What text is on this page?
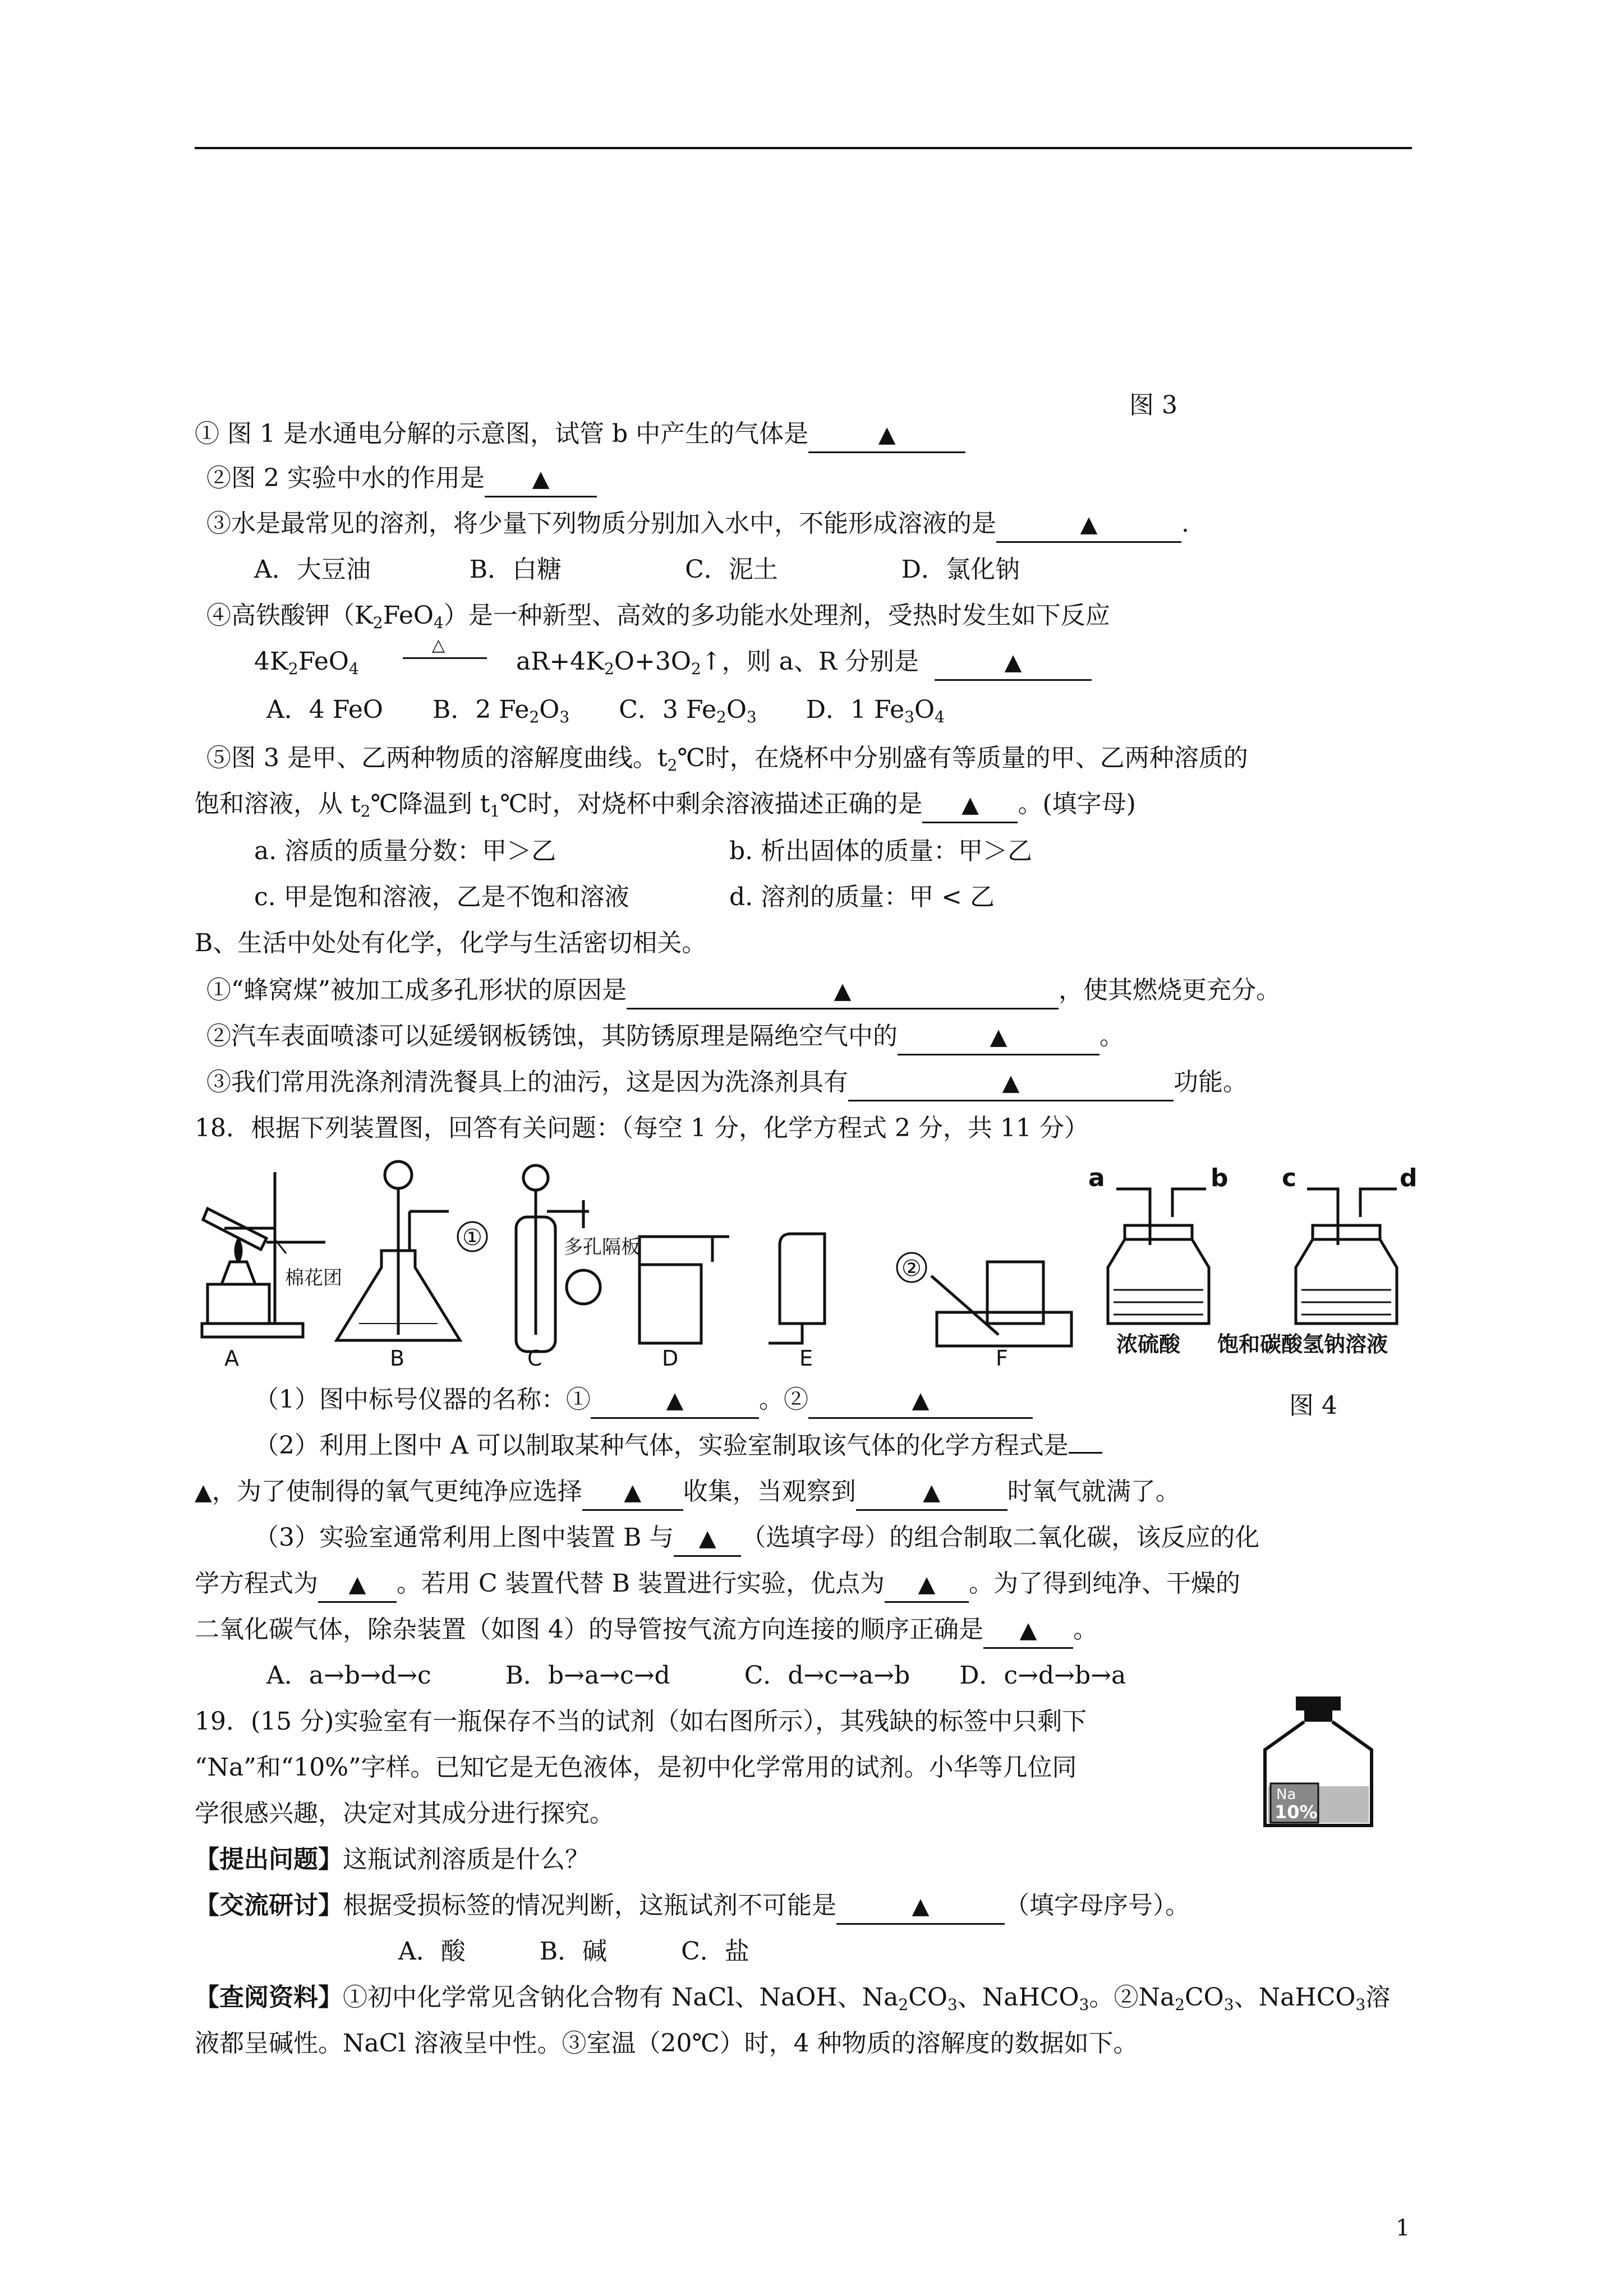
图 3
① 图 1 是水通电分解的示意图，试管 b 中产生的气体是	▲
②图 2 实验中水的作用是 ▲
③水是最常见的溶剂，将少量下列物质分别加入水中，不能形成溶液的是	▲	.
A．大豆油　　　　B．白糖　　　　　C．泥土　　　　　D．氯化钠
④高铁酸钾$(K_2FeO_4)$是一种新型、高效的多功能水处理剂，受热时发生如下反应
$4K_2FeO_4$
△
$aR+4K_2O+3O_2↑$，则 a、R 分别是	▲
A．4 FeO　　B．2 $Fe_2O_3$　　C．3 $Fe_2O_3$　　D．1 $Fe_3O_4$
⑤图 3 是甲、乙两种物质的溶解度曲线。$t_2℃$时，在烧杯中分别盛有等质量的甲、乙两种溶质的
饱和溶液，从 $t_2℃$降温到 $t_1℃$时，对烧杯中剩余溶液描述正确的是 ▲ 。(填字母)
a. 溶质的质量分数：甲＞乙	b. 析出固体的质量：甲＞乙
c. 甲是饱和溶液，乙是不饱和溶液	d. 溶剂的质量：甲 < 乙
B、生活中处处有化学，化学与生活密切相关。
①“蜂窝煤”被加工成多孔形状的原因是	▲	，使其燃烧更充分。
②汽车表面喷漆可以延缓钢板锈蚀，其防锈原理是隔绝空气中的	▲	。
③我们常用洗涤剂清洗餐具上的油污，这是因为洗涤剂具有	▲	功能。
18．根据下列装置图，回答有关问题：（每空 1 分，化学方程式 2 分，共 11 分）
A
棉花团
①
B
多孔隔板
C	D	E
②
F
a	b c	d
浓硫酸 饱和碳酸氢钠溶液
（1）图中标号仪器的名称：①	▲	。②	▲	图 4
（2）利用上图中 A 可以制取某种气体，实验室制取该气体的化学方程式是
▲，为了使制得的氧气更纯净应选择 ▲ 收集，当观察到	▲	时氧气就满了。
（3）实验室通常利用上图中装置 B 与 ▲ （选填字母）的组合制取二氧化碳，该反应的化
学方程式为 ▲ 。若用 C 装置代替 B 装置进行实验，优点为 ▲ 。为了得到纯净、干燥的
二氧化碳气体，除杂装置（如图 4）的导管按气流方向连接的顺序正确是 ▲ 。
A．a→b→d→c　　　B．b→a→c→d　　　C．d→c→a→b　　D．c→d→b→a
19．(15 分)实验室有一瓶保存不当的试剂（如右图所示），其残缺的标签中只剩下
“Na”和“10%”字样。已知它是无色液体，是初中化学常用的试剂。小华等几位同
学很感兴趣，决定对其成分进行探究。
Na
10%
【提出问题】这瓶试剂溶质是什么？
【交流研讨】根据受损标签的情况判断，这瓶试剂不可能是	▲	（填字母序号）。
A．酸　　　B．碱　　　C．盐
【查阅资料】①初中化学常见含钠化合物有 NaCl、NaOH、$Na_2CO_3$、NaHCO$_3$。$②Na_2CO_3$、NaHCO$_3$溶
液都呈碱性。NaCl 溶液呈中性。③室温（20℃）时，4 种物质的溶解度的数据如下。
1
